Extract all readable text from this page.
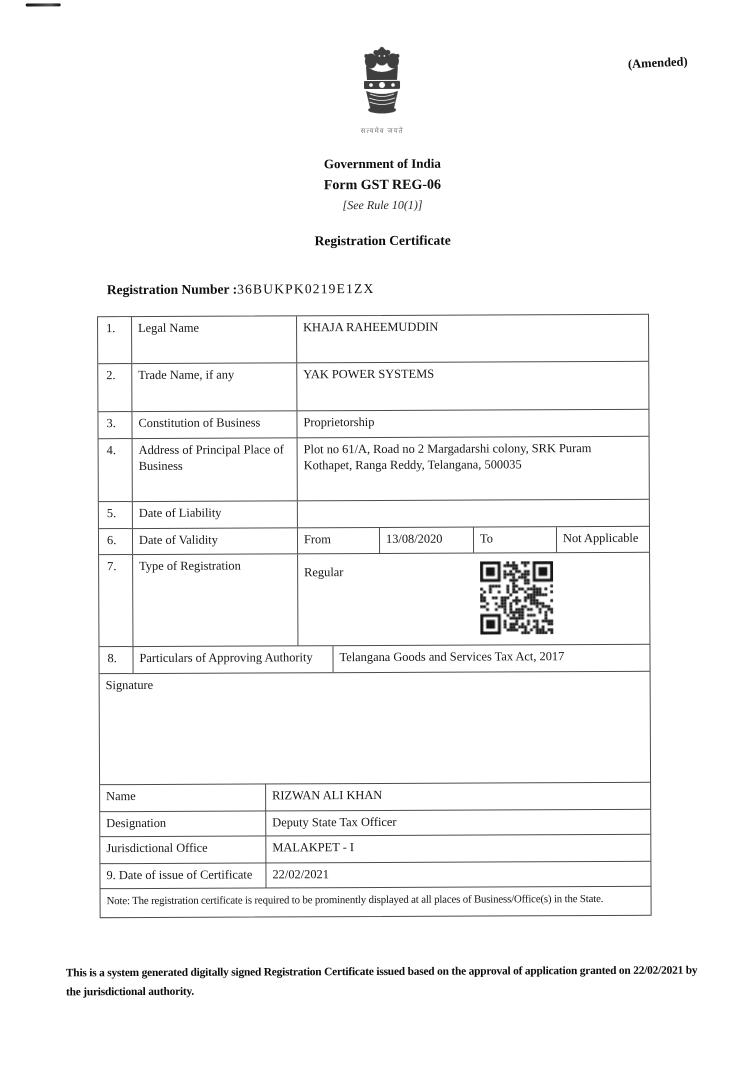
(Amended)
सत्यमेव जयते
Government of India
Form GST REG-06
[See Rule 10(1)]
Registration Certificate
Registration Number :36BUKPK0219E1ZX
1.	Legal Name	KHAJA RAHEEMUDDIN
2.	Trade Name, if any	YAK POWER SYSTEMS
3.	Constitution of Business	Proprietorship
4.	Address of Principal Place of Business
Plot no 61/A, Road no 2 Margadarshi colony, SRK Puram Kothapet, Ranga Reddy, Telangana, 500035
5.	Date of Liability
6.	Date of Validity	From	13/08/2020	To	Not Applicable
7.	Type of Registration	Regular
8.	Particulars of Approving Authority	Telangana Goods and Services Tax Act, 2017
Signature
Name	RIZWAN ALI KHAN
Designation	Deputy State Tax Officer
Jurisdictional Office	MALAKPET - I
9. Date of issue of Certificate	22/02/2021
Note: The registration certificate is required to be prominently displayed at all places of Business/Office(s) in the State.
This is a system generated digitally signed Registration Certificate issued based on the approval of application granted on 22/02/2021 by the jurisdictional authority.
